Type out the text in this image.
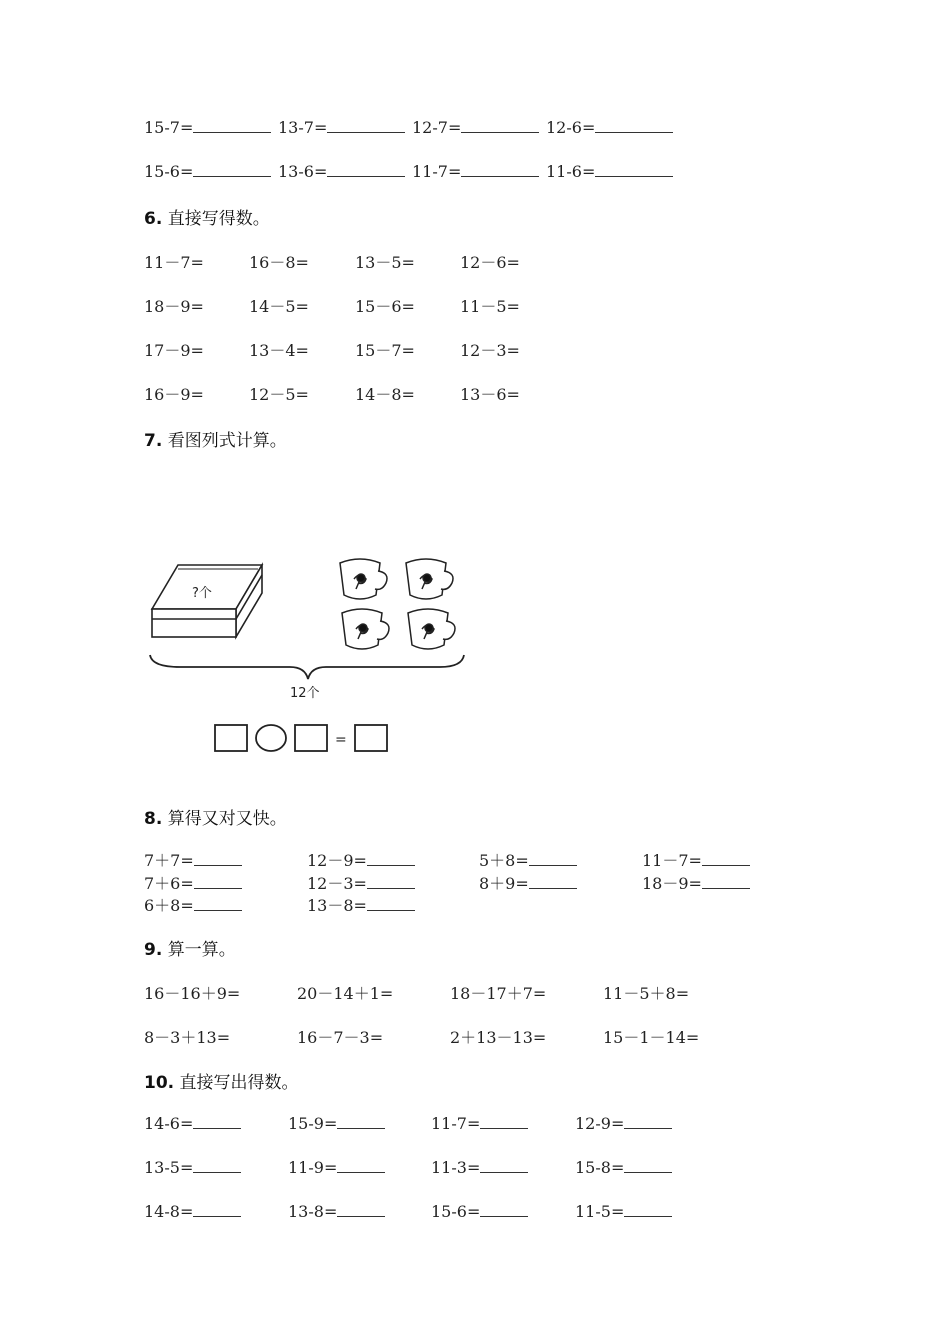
15-7=	13-7=	12-7=	12-6=
15-6=	13-6=	11-7=	11-6=
6. 直接写得数。
11－7=	16－8=	13－5=	12－6=
18－9=	14－5=	15－6=	11－5=
17－9=	13－4=	15－7=	12－3=
16－9=	12－5=	14－8=	13－6=
7. 看图列式计算。
?个
12个
=
8. 算得又对又快。
7＋7=	12－9=	5＋8=	11－7=
7＋6=	12－3=	8＋9=	18－9=
6＋8=	13－8=
9. 算一算。
16－16＋9=	20－14＋1=	18－17＋7=	11－5＋8=
8－3＋13=	16－7－3=	2＋13－13=	15－1－14=
10. 直接写出得数。
14-6=	15-9=	11-7=	12-9=
13-5=	11-9=	11-3=	15-8=
14-8=	13-8=	15-6=	11-5=
